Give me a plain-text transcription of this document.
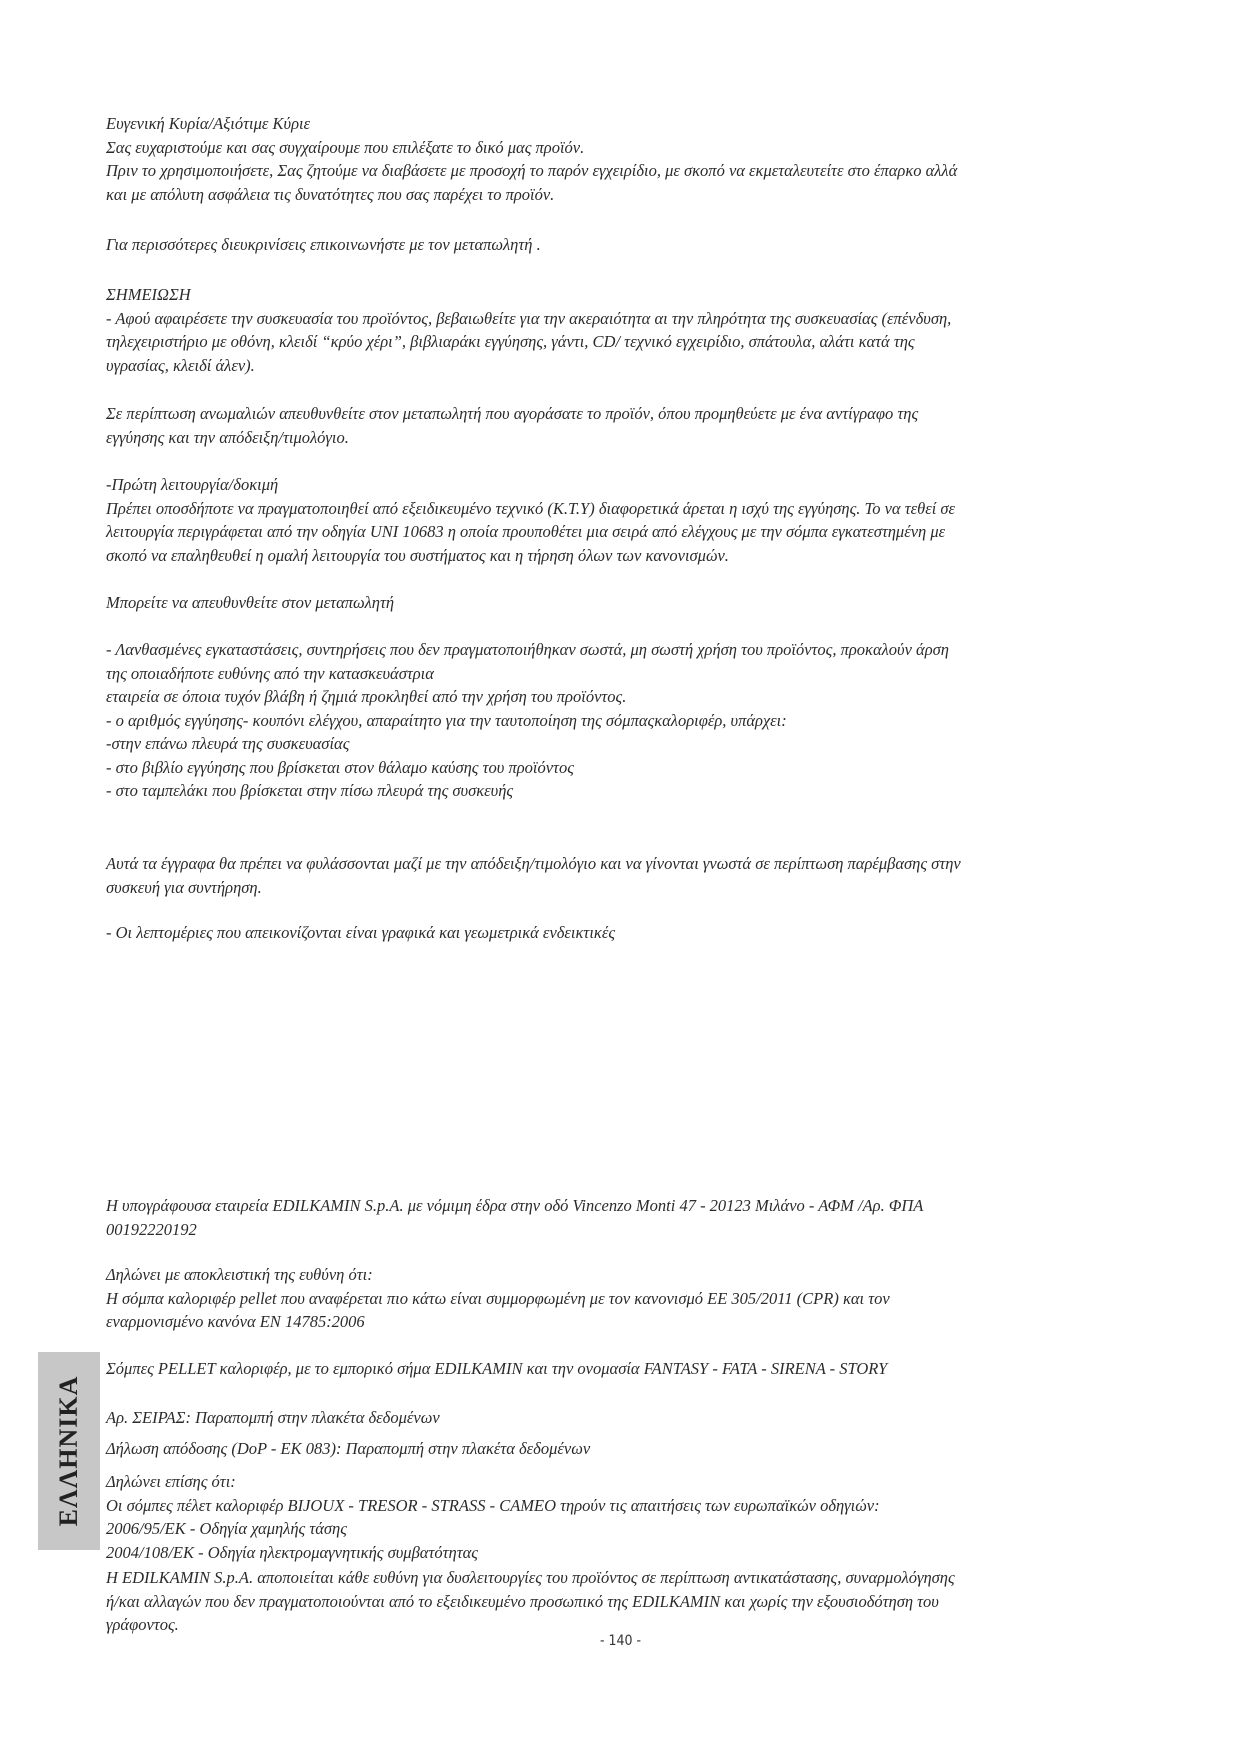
Ευγενική Κυρία/Αξιότιμε Κύριε

Σας ευχαριστούμε και σας συγχαίρουμε που επιλέξατε το δικό μας προϊόν.

Πριν το χρησιμοποιήσετε, Σας ζητούμε να διαβάσετε με προσοχή το παρόν εγχειρίδιο, με σκοπό να εκμεταλευτείτε στο έπαρκο αλλά

και με απόλυτη ασφάλεια τις δυνατότητες που σας παρέχει το προϊόν.

Για περισσότερες διευκρινίσεις επικοινωνήστε με τον μεταπωλητή .

ΣΗΜΕΙΩΣΗ

- Αφού αφαιρέσετε την συσκευασία του προϊόντος, βεβαιωθείτε για την ακεραιότητα αι την πληρότητα της συσκευασίας (επένδυση,

τηλεχειριστήριο με οθόνη, κλειδί “κρύο χέρι”, βιβλιαράκι εγγύησης, γάντι, CD/ τεχνικό εγχειρίδιο, σπάτουλα, αλάτι κατά της

υγρασίας, κλειδί άλεν).

Σε περίπτωση ανωμαλιών απευθυνθείτε στον μεταπωλητή που αγοράσατε το προϊόν, όπου προμηθεύετε με ένα αντίγραφο της

εγγύησης και την απόδειξη/τιμολόγιο.

-Πρώτη λειτουργία/δοκιμή

Πρέπει οποσδήποτε να πραγματοποιηθεί από εξειδικευμένο τεχνικό (Κ.Τ.Υ) διαφορετικά άρεται η ισχύ της εγγύησης. Το να τεθεί σε

λειτουργία περιγράφεται από την οδηγία UNI 10683 η οποία προυποθέτει μια σειρά από ελέγχους με την σόμπα εγκατεστημένη με

σκοπό να επαληθευθεί η ομαλή λειτουργία του συστήματος και η τήρηση όλων των κανονισμών.

Μπορείτε να απευθυνθείτε στον μεταπωλητή

- Λανθασμένες εγκαταστάσεις, συντηρήσεις που δεν πραγματοποιήθηκαν σωστά, μη σωστή χρήση του προϊόντος, προκαλούν άρση

της οποιαδήποτε ευθύνης από την κατασκευάστρια

εταιρεία σε όποια τυχόν βλάβη ή ζημιά προκληθεί από την χρήση του προϊόντος.

- ο αριθμός εγγύησης- κουπόνι ελέγχου, απαραίτητο για την ταυτοποίηση της σόμπαςκαλοριφέρ, υπάρχει:

-στην επάνω πλευρά της συσκευασίας

- στο βιβλίο εγγύησης που βρίσκεται στον θάλαμο καύσης του προϊόντος

- στο ταμπελάκι που βρίσκεται στην πίσω πλευρά της συσκευής

Αυτά τα έγγραφα θα πρέπει να φυλάσσονται μαζί με την απόδειξη/τιμολόγιο και να γίνονται γνωστά σε περίπτωση παρέμβασης στην

συσκευή για συντήρηση.

- Οι λεπτομέριες που απεικονίζονται είναι γραφικά και γεωμετρικά ενδεικτικές

Η υπογράφουσα εταιρεία EDILKAMIN S.p.A. με νόμιμη έδρα στην οδό Vincenzo Monti 47 - 20123 Μιλάνο - ΑΦΜ /Αρ. ΦΠΑ

00192220192

Δηλώνει με αποκλειστική της ευθύνη ότι:

Η σόμπα καλοριφέρ pellet που αναφέρεται πιο κάτω είναι συμμορφωμένη με τον κανονισμό ΕΕ 305/2011 (CPR) και τον

εναρμονισμένο κανόνα EN 14785:2006

Σόμπες PELLET καλοριφέρ, με το εμπορικό σήμα EDILKAMIN και την ονομασία FANTASY - FATA - SIRENA - STORY

Αρ. ΣΕΙΡΑΣ: Παραπομπή στην πλακέτα δεδομένων

Δήλωση απόδοσης (DoP - EK 083): Παραπομπή στην πλακέτα δεδομένων

Δηλώνει επίσης ότι:

Οι σόμπες πέλετ καλοριφέρ BIJOUX - TRESOR - STRASS - CAMEO τηρούν τις απαιτήσεις των ευρωπαϊκών οδηγιών:

2006/95/ΕΚ - Οδηγία χαμηλής τάσης

2004/108/ΕΚ - Οδηγία ηλεκτρομαγνητικής συμβατότητας

Η EDILKAMIN S.p.A. αποποιείται κάθε ευθύνη για δυσλειτουργίες του προϊόντος σε περίπτωση αντικατάστασης, συναρμολόγησης

ή/και αλλαγών που δεν πραγματοποιούνται από το εξειδικευμένο προσωπικό της EDILKAMIN και χωρίς την εξουσιοδότηση του

γράφοντος.

ΕΛΛΗΝΙΚΑ
- 140 -
